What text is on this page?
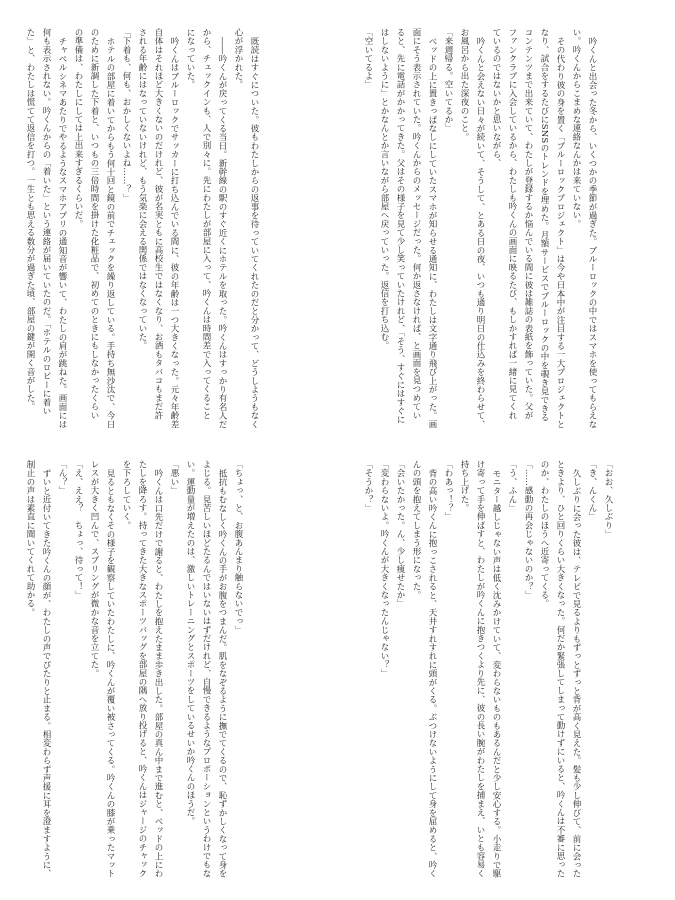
吟くんと出会った冬から、いくつかの季節が過ぎた。ブルーロックの中ではスマホを使ってもらえない。吟くんからこまめな連絡なんかは来ていない。

その代わり彼の身を置く「ブルーロックプロジェクト」は今や日本中が注目する一大プロジェクトとなり、試合をするたびにSNSのトレンドを埋めた。月額サービスでブルーロックの中を覗き見できるコンテンツまで出来ていて、わたしが登録するか悩んでいる間に彼は雑誌の表紙を飾っていた。父がファンクラブに入会しているから、わたしも吟くんの画面に映るたび、もしかすれば一緒に見てくれているのではないかと思いながら、

吟くんと会えない日々が続いて、そうして、とある日の夜、いつも通り明日の仕込みを終わらせて、お風呂から出た深夜のこと。

「来週帰る。空いてるか」

ベッドの上に置きっぱなしにしていたスマホが知らせる通知に、わたしは文字通り飛び上がった。画面にそう表示されていた。吟くんからのメッセージだった。何か返さなければ、と画面を見つめていると、先に電話がかかってきた。父はその様子を見て少し笑っていたけれど、「そう、すぐにはすぐにはしないように」とかなんとか言いながら部屋へ戻っていった。返信を打ち込む。

「空いてるよ」

既読はすぐについた。彼もわたしからの返事を待っていてくれたのだと分かって、どうしようもなく心が浮かれた。

――吟くんが戻ってくる当日。新幹線の駅のすぐ近くにホテルを取った。吟くんはすっかり有名人だから、チェックインも、人で別々に。先にわたしが部屋に入って、吟くんは時間差で入ってくることになっていた。

吟くんはブルーロックでサッカーに打ち込んでいる間に、彼の年齢は一つ大きくなった。元々年齢差自体はそれほど大きくないのだけれど、彼が名実ともに高校生ではなくなり、お酒もタバコもまだ許される年齢にはなっていないけれど、もう気楽に会える関係ではなくなっていた。

「下着も、何も、おかしくないよね……？」

ホテルの部屋に着いてからもう何十回と鏡の前でチェックを繰り返している。手持ち無沙汰で、今日のために新調した下着と、いつもの三倍時間を掛けた化粧品で、初めてのときにもしなかったくらいの準備は、わたしにしては上出来すぎるくらいだ。

チャペルシネマあたりでやるようなスマホアプリの通知音が響いて、わたしの肩が跳ねた。画面には何も表示されない。吟くんからの「着いた」という連絡が届いていたのだ。「ホテルのロビーに着いた」と、わたしは慌てて返信を打つ。一生とも思える数分が過ぎた頃、部屋の鍵が開く音がした。

「おお、久しぶり」

「き、んくん」

久しぶりに会った彼は、テレビで見るよりもずっとずっと背が高く見えた。髪も少し伸びて、前に会ったときより、ひと回りくらい大きくなった。何だか緊張してしまって動けずにいると、吟くんは不審に思ったのか、わたしのほうへ近寄ってくる。

「……感動の再会じゃないのか？」

「う、ふん」

モニター越しじゃない声は低く沈みかけていて、変わらないものもあるんだと少し安心する。小走りで駆け寄って手を伸ばすと、わたしが吟くんに抱きつくより先に、彼の長い腕がわたしを捕まえ、いとも容易く持ち上げた。

「わあっ！？」

背の高い吟くんに抱っこされると、天井すれすれに頭がくる。ぶつけないようにして身を屈めると、吟くんの頭を抱えてしまう形になった。

「会いたかった。ん、少し痩せたか」

「変わらないよ。吟くんが大きくなったんじゃない？」

「そうか？」

「ちょっ、と、お腹あんまり触らないでっ」

抵抗もむなしく吟くんの手がお腹をつまんだ。肌をなぞるように撫でてくるので、恥ずかしくなって身をよじる。見苦しいほどたるんではいないはずだけれど、自慢できるようなプロポーションというわけでもない。運動量が増えたのは、激しいトレーニングとスポーツをしているせいか吟くんのほうだ。

「悪い」

吟くんは口先だけで謝ると、わたしを抱えたまま歩き出した。部屋の真ん中まで進むと、ベッドの上にわたしを降ろす。持ってきた大きなスポーツバッグを部屋の隅へ放り投げると、吟くんはジャージのチャックを下ろしていく。

見るともなくその様子を観察していたわたしに、吟くんが覆い被さってくる。吟くんの膝が乗ったマットレスが大きく凹んで、スプリングが微かな音を立てた。

「え、ええ？　ちょっ、待って！」

「ん？」

ずいと近付いてきた吟くんの顔が、わたしの声でぴたりと止まる。相変わらず声援に耳を澄ますように、制止の声は素直に聞いてくれて助かる。
